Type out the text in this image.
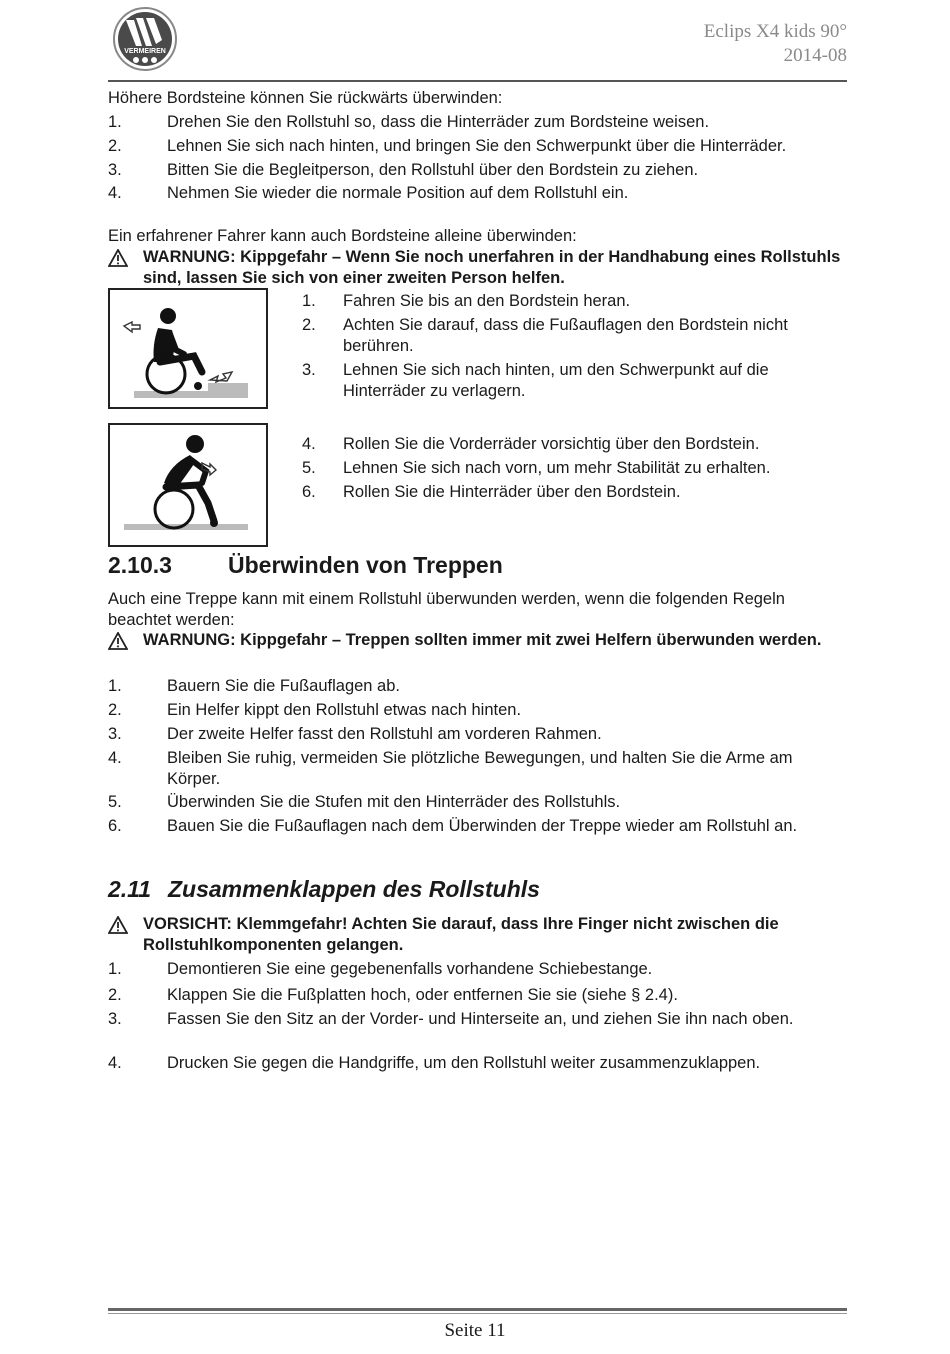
VERMEIREN
Eclips X4 kids 90°
2014-08
Höhere Bordsteine können Sie rückwärts überwinden:
1.	Drehen Sie den Rollstuhl so, dass die Hinterräder zum Bordsteine weisen.
2.	Lehnen Sie sich nach hinten, und bringen Sie den Schwerpunkt über die Hinterräder.
3.	Bitten Sie die Begleitperson, den Rollstuhl über den Bordstein zu ziehen.
4.	Nehmen Sie wieder die normale Position auf dem Rollstuhl ein.
Ein erfahrener Fahrer kann auch Bordsteine alleine überwinden:
WARNUNG: Kippgefahr – Wenn Sie noch unerfahren in der Handhabung eines Rollstuhls sind, lassen Sie sich von einer zweiten Person helfen.
1.	Fahren Sie bis an den Bordstein heran.
2.	Achten Sie darauf, dass die Fußauflagen den Bordstein nicht berühren.
3.	Lehnen Sie sich nach hinten, um den Schwerpunkt auf die Hinterräder zu verlagern.
4.	Rollen Sie die Vorderräder vorsichtig über den Bordstein.
5.	Lehnen Sie sich nach vorn, um mehr Stabilität zu erhalten.
6.	Rollen Sie die Hinterräder über den Bordstein.
2.10.3 Überwinden von Treppen
Auch eine Treppe kann mit einem Rollstuhl überwunden werden, wenn die folgenden Regeln beachtet werden:
WARNUNG: Kippgefahr – Treppen sollten immer mit zwei Helfern überwunden werden.
1.	Bauern Sie die Fußauflagen ab.
2.	Ein Helfer kippt den Rollstuhl etwas nach hinten.
3.	Der zweite Helfer fasst den Rollstuhl am vorderen Rahmen.
4.	Bleiben Sie ruhig, vermeiden Sie plötzliche Bewegungen, und halten Sie die Arme am Körper.
5.	Überwinden Sie die Stufen mit den Hinterräder des Rollstuhls.
6.	Bauen Sie die Fußauflagen nach dem Überwinden der Treppe wieder am Rollstuhl an.
2.11 Zusammenklappen des Rollstuhls
VORSICHT: Klemmgefahr! Achten Sie darauf, dass Ihre Finger nicht zwischen die Rollstuhlkomponenten gelangen.
1.	Demontieren Sie eine gegebenenfalls vorhandene Schiebestange.
2.	Klappen Sie die Fußplatten hoch, oder entfernen Sie sie (siehe § 2.4).
3.	Fassen Sie den Sitz an der Vorder- und Hinterseite an, und ziehen Sie ihn nach oben.
4.	Drucken Sie gegen die Handgriffe, um den Rollstuhl weiter zusammenzuklappen.
Seite 11
